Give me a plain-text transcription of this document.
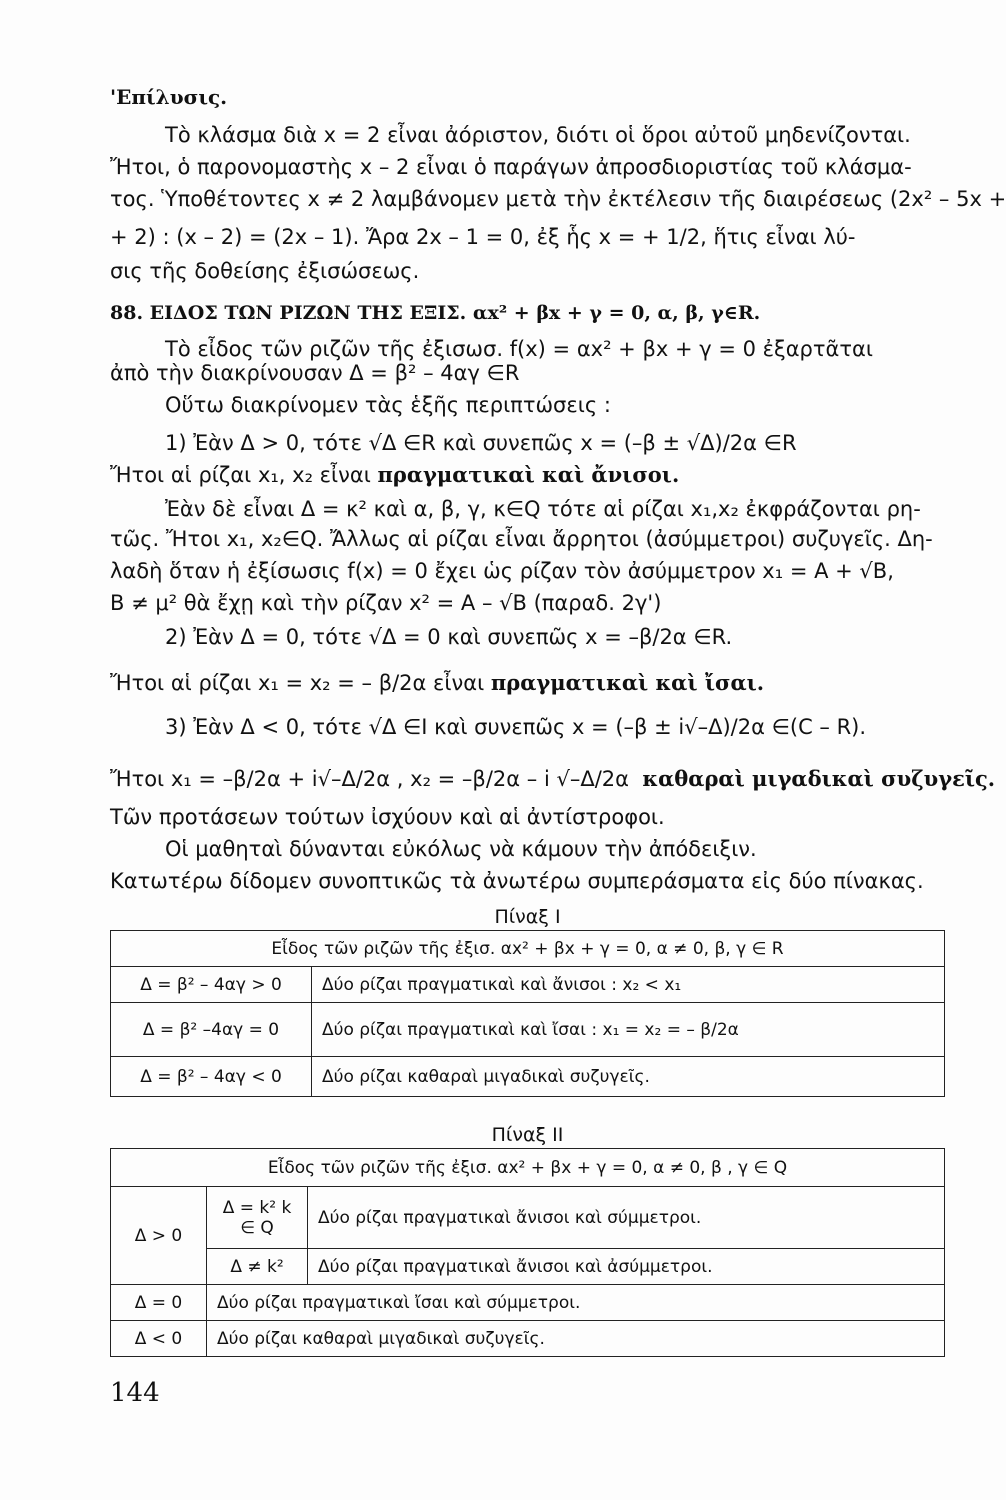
'Επίλυσις.
Τὸ κλάσμα διὰ x = 2 εἶναι ἀόριστον, διότι οἱ ὅροι αὐτοῦ μηδενίζονται.
Ἤτοι, ὁ παρονομαστὴς x – 2 εἶναι ὁ παράγων ἀπροσδιοριστίας τοῦ κλάσμα-
τος. Ὑποθέτοντες x ≠ 2 λαμβάνομεν μετὰ τὴν ἐκτέλεσιν τῆς διαιρέσεως (2x² – 5x +
+ 2) : (x – 2) = (2x – 1). Ἄρα 2x – 1 = 0, ἐξ ἧς x = + 1/2, ἥτις εἶναι λύ-
σις τῆς δοθείσης ἐξισώσεως.
88. ΕΙΔΟΣ ΤΩΝ ΡΙΖΩΝ ΤΗΣ ΕΞΙΣ. αx² + βx + γ = 0, α, β, γ∈R.
Τὸ εἶδος τῶν ριζῶν τῆς ἐξισωσ. f(x) = αx² + βx + γ = 0 ἐξαρτᾶται
ἀπὸ τὴν διακρίνουσαν Δ = β² – 4αγ ∈R
Οὕτω διακρίνομεν τὰς ἑξῆς περιπτώσεις :
1) Ἐὰν Δ > 0, τότε √Δ ∈R καὶ συνεπῶς x = (–β ± √Δ)/2α ∈R
Ἤτοι αἱ ρίζαι x₁, x₂ εἶναι πραγματικαὶ καὶ ἄνισοι.
Ἐὰν δὲ εἶναι Δ = κ² καὶ α, β, γ, κ∈Q τότε αἱ ρίζαι x₁,x₂ ἐκφράζονται ρη-
τῶς. Ἤτοι x₁, x₂∈Q. Ἄλλως αἱ ρίζαι εἶναι ἄρρητοι (ἀσύμμετροι) συζυγεῖς. Δη-
λαδὴ ὅταν ἡ ἐξίσωσις f(x) = 0 ἔχει ὡς ρίζαν τὸν ἀσύμμετρον x₁ = A + √B,
B ≠ μ² θὰ ἔχῃ καὶ τὴν ρίζαν x² = A – √B (παραδ. 2γ')
2) Ἐὰν Δ = 0, τότε √Δ = 0 καὶ συνεπῶς x = –β/2α ∈R.
Ἤτοι αἱ ρίζαι x₁ = x₂ = – β/2α εἶναι πραγματικαὶ καὶ ἴσαι.
3) Ἐὰν Δ < 0, τότε √Δ ∈I καὶ συνεπῶς x = (–β ± i√–Δ)/2α ∈(C – R).
Ἤτοι x₁ = –β/2α + i√–Δ/2α , x₂ = –β/2α – i √–Δ/2α καθαραὶ μιγαδικαὶ συζυγεῖς.
Τῶν προτάσεων τούτων ἰσχύουν καὶ αἱ ἀντίστροφοι.
Οἱ μαθηταὶ δύνανται εὐκόλως νὰ κάμουν τὴν ἀπόδειξιν.
Κατωτέρω δίδομεν συνοπτικῶς τὰ ἀνωτέρω συμπεράσματα εἰς δύο πίνακας.
Πίναξ I
Εἶδος τῶν ριζῶν τῆς ἐξισ. αx² + βx + γ = 0, α ≠ 0, β, γ ∈ R	
Δ = β² – 4αγ > 0	Δύο ρίζαι πραγματικαὶ καὶ ἄνισοι : x₂ < x₁
Δ = β² –4αγ = 0	Δύο ρίζαι πραγματικαὶ καὶ ἴσαι : x₁ = x₂ = – β/2α
Δ = β² – 4αγ < 0	Δύο ρίζαι καθαραὶ μιγαδικαὶ συζυγεῖς.
Πίναξ II
Εἶδος τῶν ριζῶν τῆς ἐξισ. αx² + βx + γ = 0, α ≠ 0, β , γ ∈ Q		
Δ > 0	Δ = k² k ∈ Q	Δύο ρίζαι πραγματικαὶ ἄνισοι καὶ σύμμετροι.
	Δ ≠ k²	Δύο ρίζαι πραγματικαὶ ἄνισοι καὶ ἀσύμμετροι.
Δ = 0	Δύο ρίζαι πραγματικαὶ ἴσαι καὶ σύμμετροι.	
Δ < 0	Δύο ρίζαι καθαραὶ μιγαδικαὶ συζυγεῖς.	
144
